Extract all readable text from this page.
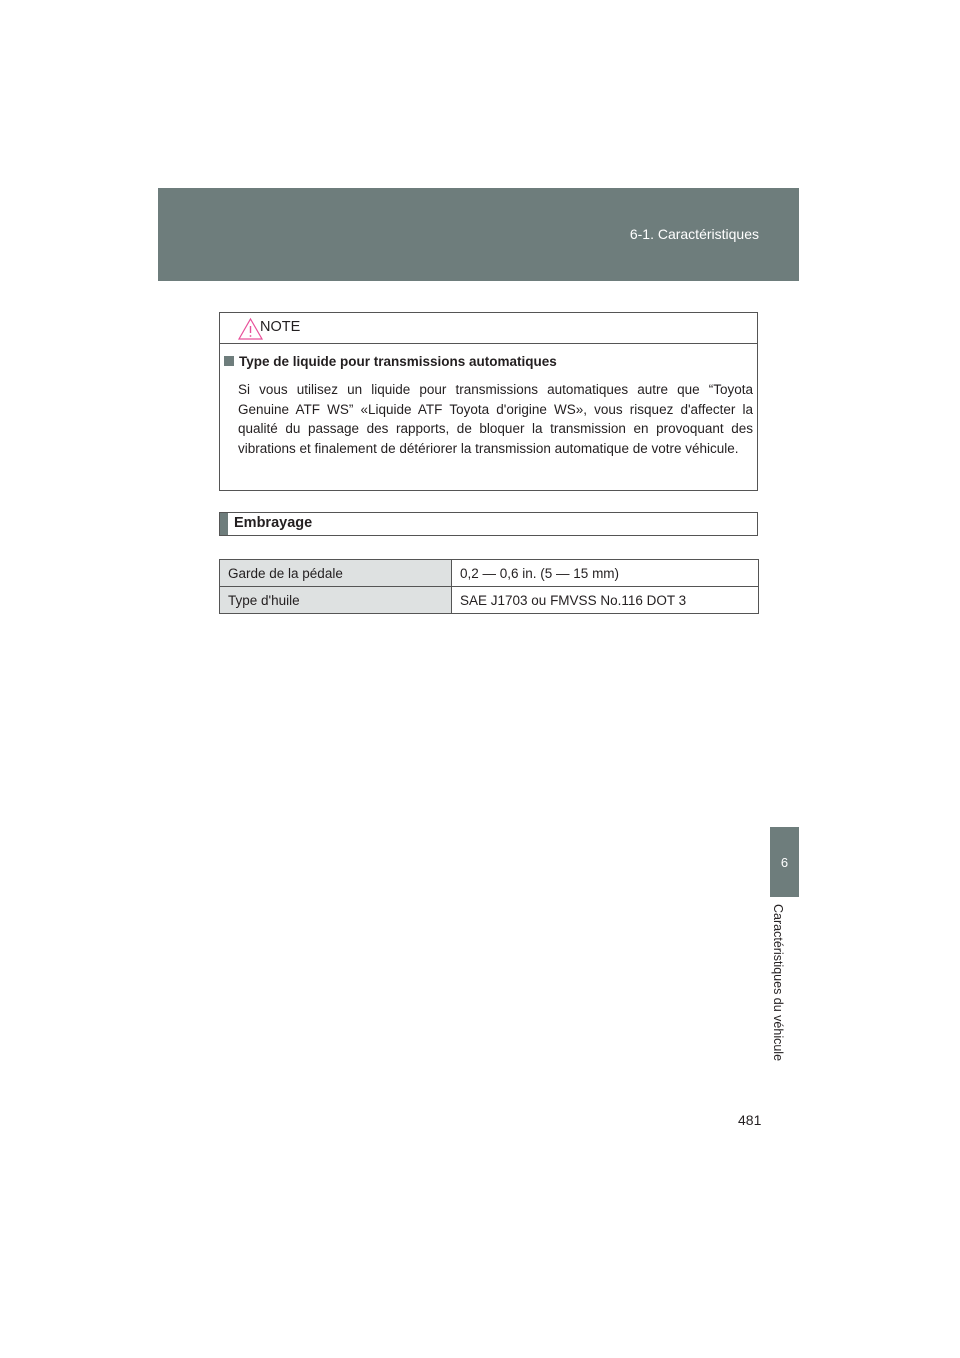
6-1. Caractéristiques
6
Caractéristiques du véhicule
NOTE
Type de liquide pour transmissions automatiques
Si vous utilisez un liquide pour transmissions automatiques autre que “Toyota Genuine ATF WS” «Liquide ATF Toyota d'origine WS», vous risquez d'affecter la qualité du passage des rapports, de bloquer la transmission en provoquant des vibrations et finalement de détériorer la transmission automatique de votre véhicule.
Embrayage
Garde de la pédale	0,2 — 0,6 in. (5 — 15 mm)
Type d'huile	SAE J1703 ou FMVSS No.116 DOT 3
481
